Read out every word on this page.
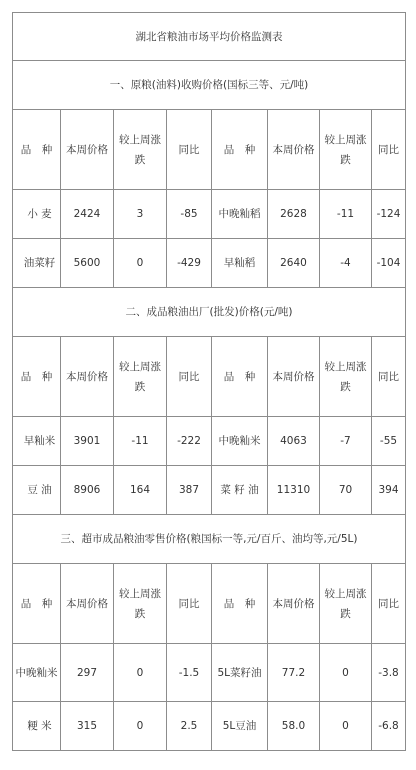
湖北省粮油市场平均价格监测表							
一、原粮(油料)收购价格(国标三等、元/吨)							
品　种	本周价格	较上周涨跌	同比	品　种	本周价格	较上周涨跌	同比
小 麦	2424	3	-85	中晚籼稻	2628	-11	-124
油菜籽	5600	0	-429	早籼稻	2640	-4	-104
二、成品粮油出厂(批发)价格(元/吨)							
品　种	本周价格	较上周涨跌	同比	品　种	本周价格	较上周涨跌	同比
早籼米	3901	-11	-222	中晚籼米	4063	-7	-55
豆 油	8906	164	387	菜 籽 油	11310	70	394
三、超市成品粮油零售价格(粮国标一等,元/百斤、油均等,元/5L)							
品　种	本周价格	较上周涨跌	同比	品　种	本周价格	较上周涨跌	同比
中晚籼米	297	0	-1.5	5L菜籽油	77.2	0	-3.8
粳 米	315	0	2.5	5L豆油	58.0	0	-6.8
